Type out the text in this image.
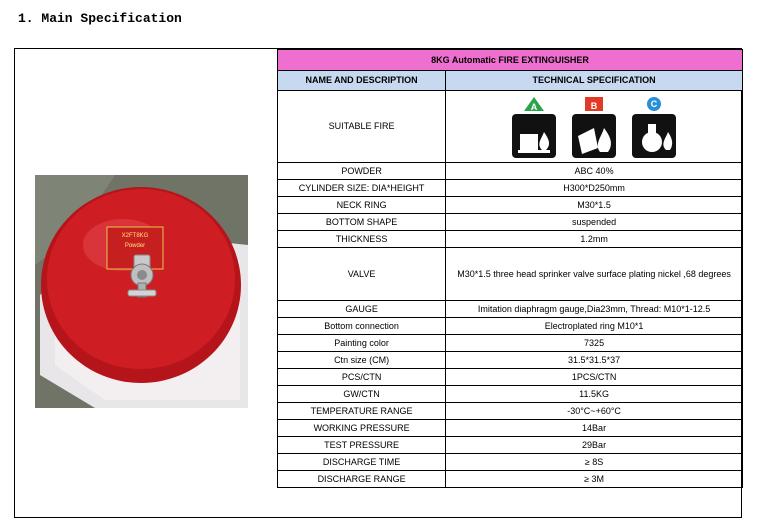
1. Main Specification
X2FT8KG
Powder
8KG Automatic FIRE EXTINGUISHER	
NAME AND DESCRIPTION	TECHNICAL SPECIFICATION
SUITABLE FIRE	A B C

POWDER	ABC 40%
CYLINDER SIZE: DIA*HEIGHT	H300*D250mm
NECK RING	M30*1.5
BOTTOM SHAPE	suspended
THICKNESS	1.2mm
VALVE	M30*1.5 three head sprinker valve surface plating nickel ,68 degrees
GAUGE	Imitation diaphragm gauge,Dia23mm, Thread: M10*1-12.5
Bottom connection	Electroplated ring M10*1
Painting color	7325
Ctn size (CM)	31.5*31.5*37
PCS/CTN	1PCS/CTN
GW/CTN	11.5KG
TEMPERATURE RANGE	-30°C~+60°C
WORKING PRESSURE	14Bar
TEST PRESSURE	29Bar
DISCHARGE TIME	≥ 8S
DISCHARGE RANGE	≥ 3M
